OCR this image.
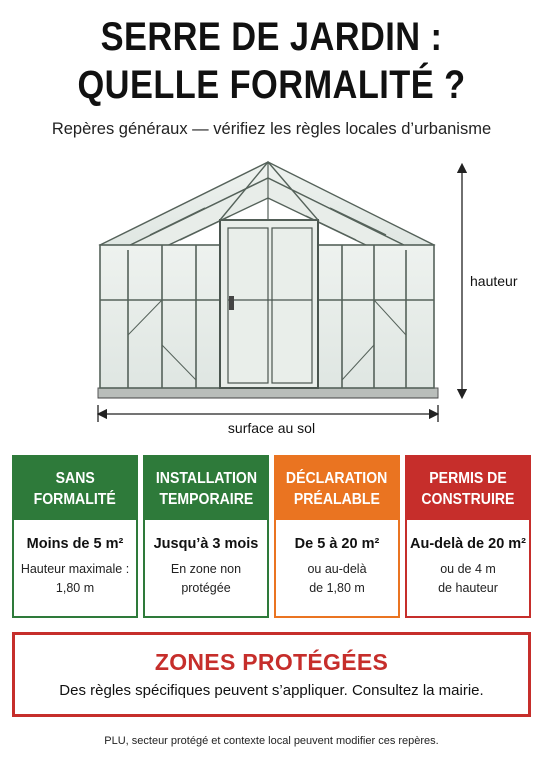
SERRE DE JARDIN :
QUELLE FORMALITÉ ?
Repères généraux — vérifiez les règles locales d’urbanisme
hauteur
surface au sol
SANS
FORMALITÉ
Moins de 5 m²
Hauteur maximale :
1,80 m
INSTALLATION
TEMPORAIRE
Jusqu’à 3 mois
En zone non
protégée
DÉCLARATION
PRÉALABLE
De 5 à 20 m²
ou au-delà
de 1,80 m
PERMIS DE
CONSTRUIRE
Au-delà de 20 m²
ou de 4 m
de hauteur
ZONES PROTÉGÉES
Des règles spécifiques peuvent s’appliquer. Consultez la mairie.
PLU, secteur protégé et contexte local peuvent modifier ces repères.
